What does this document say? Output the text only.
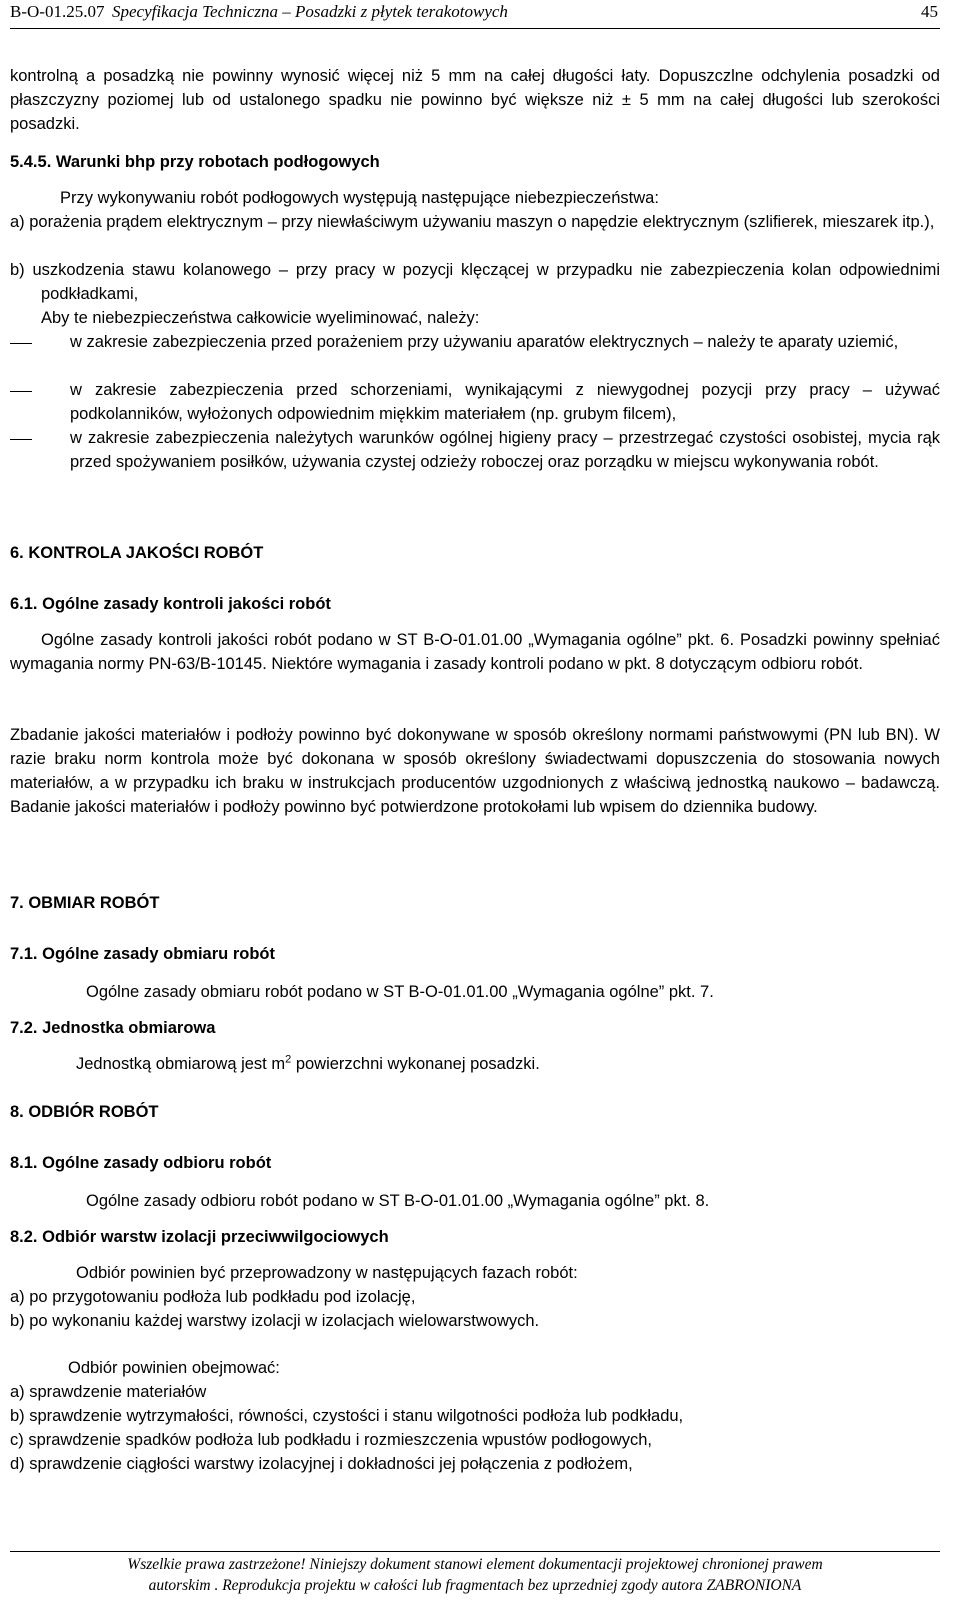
B-O-01.25.07 Specyfikacja Techniczna – Posadzki z płytek terakotowych	45

kontrolną a posadzką nie powinny wynosić więcej niż 5 mm na całej długości łaty. Dopuszczlne odchylenia posadzki od płaszczyzny poziomej lub od ustalonego spadku nie powinno być większe niż ± 5 mm na całej długości lub szerokości posadzki.

5.4.5. Warunki bhp przy robotach podłogowych

Przy wykonywaniu robót podłogowych występują następujące niebezpieczeństwa:

a) porażenia prądem elektrycznym – przy niewłaściwym używaniu maszyn o napędzie elektrycznym (szlifierek, mieszarek itp.),

b) uszkodzenia stawu kolanowego – przy pracy w pozycji klęczącej w przypadku nie zabezpieczenia kolan odpowiednimi podkładkami,

Aby te niebezpieczeństwa całkowicie wyeliminować, należy:

w zakresie zabezpieczenia przed porażeniem przy używaniu aparatów elektrycznych – należy te aparaty uziemić,

w zakresie zabezpieczenia przed schorzeniami, wynikającymi z niewygodnej pozycji przy pracy – używać podkolanników, wyłożonych odpowiednim miękkim materiałem (np. grubym filcem),

w zakresie zabezpieczenia należytych warunków ogólnej higieny pracy – przestrzegać czystości osobistej, mycia rąk przed spożywaniem posiłków, używania czystej odzieży roboczej oraz porządku w miejscu wykonywania robót.

6. KONTROLA JAKOŚCI ROBÓT

6.1. Ogólne zasady kontroli jakości robót

Ogólne zasady kontroli jakości robót podano w ST B-O-01.01.00 „Wymagania ogólne” pkt. 6. Posadzki powinny spełniać wymagania normy PN-63/B-10145. Niektóre wymagania i zasady kontroli podano w pkt. 8 dotyczącym odbioru robót.

Zbadanie jakości materiałów i podłoży powinno być dokonywane w sposób określony normami państwowymi (PN lub BN). W razie braku norm kontrola może być dokonana w sposób określony świadectwami dopuszczenia do stosowania nowych materiałów, a w przypadku ich braku w instrukcjach producentów uzgodnionych z właściwą jednostką naukowo – badawczą. Badanie jakości materiałów i podłoży powinno być potwierdzone protokołami lub wpisem do dziennika budowy.

7. OBMIAR ROBÓT

7.1. Ogólne zasady obmiaru robót

Ogólne zasady obmiaru robót podano w ST B-O-01.01.00 „Wymagania ogólne” pkt. 7.

7.2. Jednostka obmiarowa

Jednostką obmiarową jest $m^2$ powierzchni wykonanej posadzki.

8. ODBIÓR ROBÓT

8.1. Ogólne zasady odbioru robót

Ogólne zasady odbioru robót podano w ST B-O-01.01.00 „Wymagania ogólne” pkt. 8.

8.2. Odbiór warstw izolacji przeciwwilgociowych

Odbiór powinien być przeprowadzony w następujących fazach robót:

a) po przygotowaniu podłoża lub podkładu pod izolację,

b) po wykonaniu każdej warstwy izolacji w izolacjach wielowarstwowych.

Odbiór powinien obejmować:

a) sprawdzenie materiałów

b) sprawdzenie wytrzymałości, równości, czystości i stanu wilgotności podłoża lub podkładu,

c) sprawdzenie spadków podłoża lub podkładu i rozmieszczenia wpustów podłogowych,

d) sprawdzenie ciągłości warstwy izolacyjnej i dokładności jej połączenia z podłożem,

Wszelkie prawa zastrzeżone! Niniejszy dokument stanowi element dokumentacji projektowej chronionej prawem
autorskim . Reprodukcja projektu w całości lub fragmentach bez uprzedniej zgody autora ZABRONIONA
